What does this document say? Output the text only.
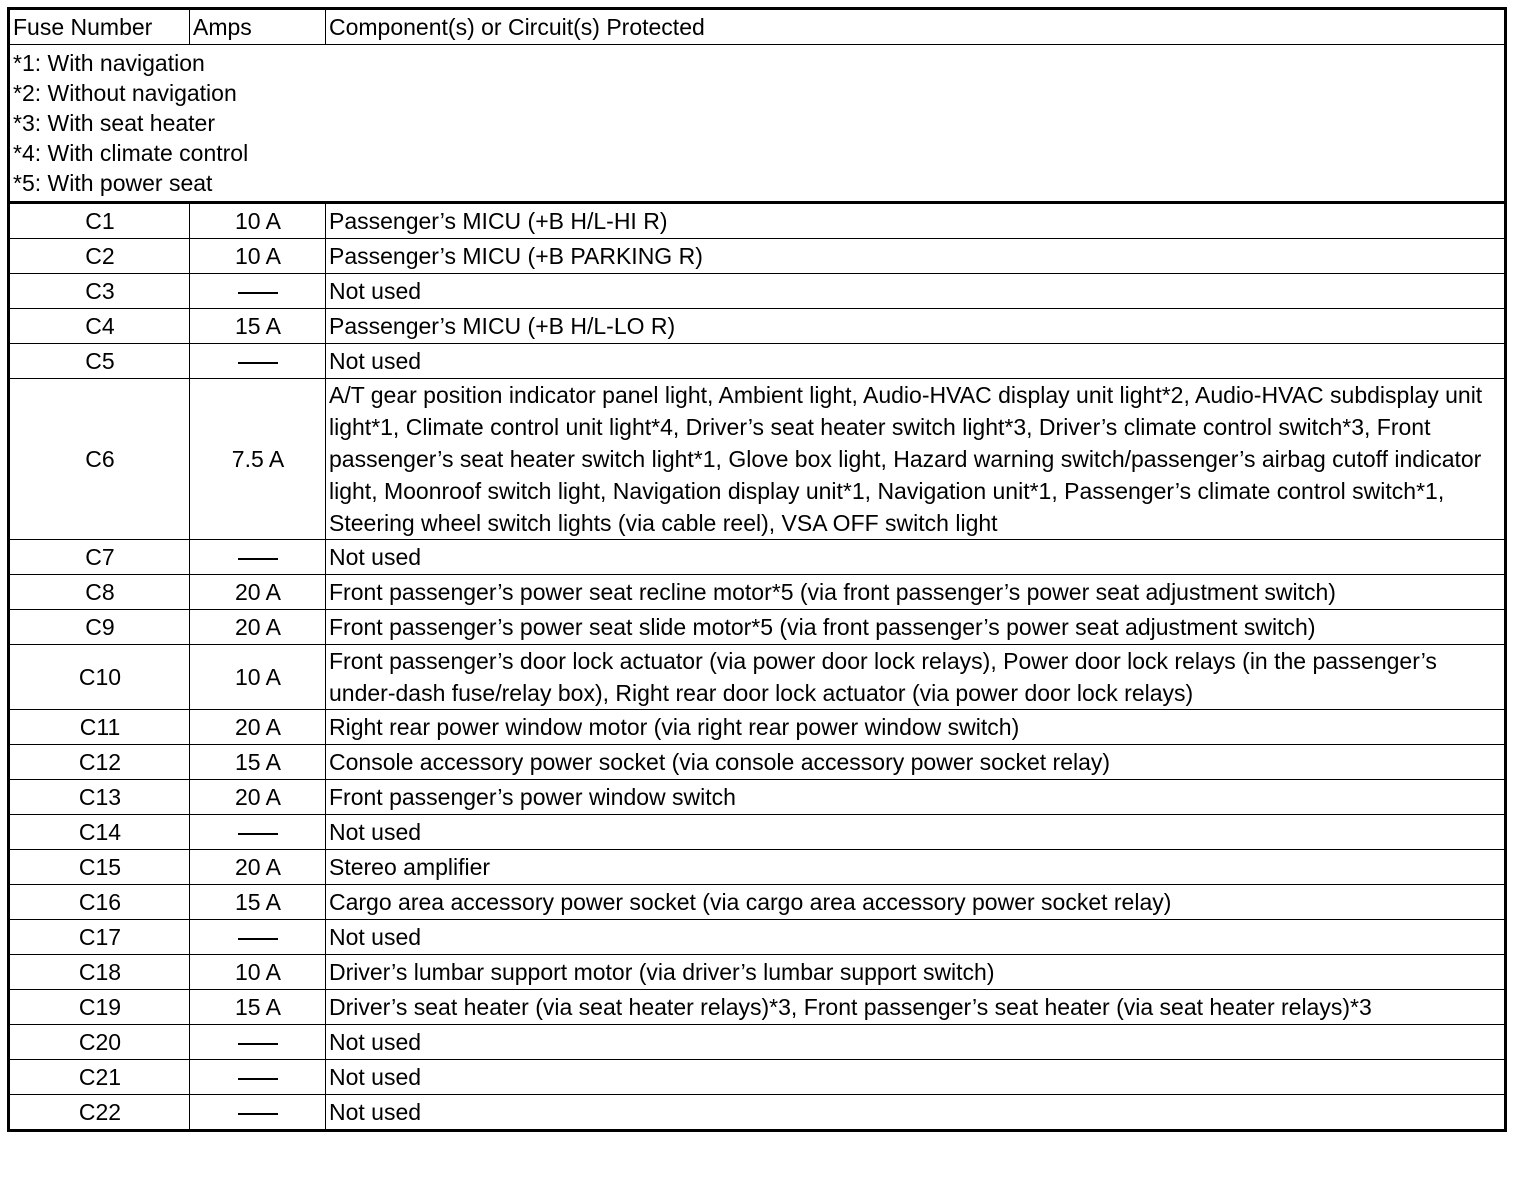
Fuse Number	Amps	Component(s) or Circuit(s) Protected

*1: With navigation
*2: Without navigation
*3: With seat heater
*4: With climate control
*5: With power seat		

C1	10 A	Passenger’s MICU (+B H/L-HI R)
C2	10 A	Passenger’s MICU (+B PARKING R)
C3		Not used
C4	15 A	Passenger’s MICU (+B H/L-LO R)
C5		Not used
C6	7.5 A	A/T gear position indicator panel light, Ambient light, Audio-HVAC display unit light*2, Audio-HVAC subdisplay unit light*1, Climate control unit light*4, Driver’s seat heater switch light*3, Driver’s climate control switch*3, Front passenger’s seat heater switch light*1, Glove box light, Hazard warning switch/passenger’s airbag cutoff indicator light, Moonroof switch light, Navigation display unit*1, Navigation unit*1, Passenger’s climate control switch*1, Steering wheel switch lights (via cable reel), VSA OFF switch light
C7		Not used
C8	20 A	Front passenger’s power seat recline motor*5 (via front passenger’s power seat adjustment switch)
C9	20 A	Front passenger’s power seat slide motor*5 (via front passenger’s power seat adjustment switch)
C10	10 A	Front passenger’s door lock actuator (via power door lock relays), Power door lock relays (in the passenger’s under-dash fuse/relay box), Right rear door lock actuator (via power door lock relays)
C11	20 A	Right rear power window motor (via right rear power window switch)
C12	15 A	Console accessory power socket (via console accessory power socket relay)
C13	20 A	Front passenger’s power window switch
C14		Not used
C15	20 A	Stereo amplifier
C16	15 A	Cargo area accessory power socket (via cargo area accessory power socket relay)
C17		Not used
C18	10 A	Driver’s lumbar support motor (via driver’s lumbar support switch)
C19	15 A	Driver’s seat heater (via seat heater relays)*3, Front passenger’s seat heater (via seat heater relays)*3
C20		Not used
C21		Not used
C22		Not used
